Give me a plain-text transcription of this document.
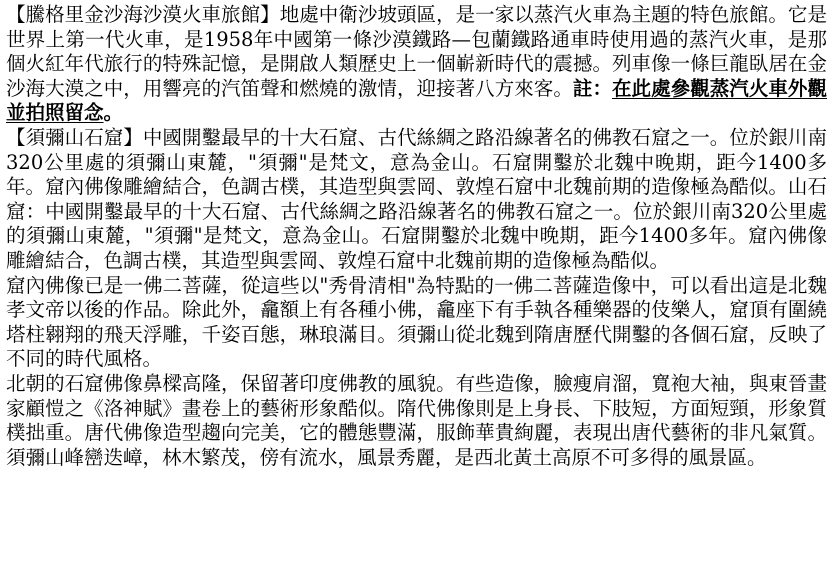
【騰格里金沙海沙漠火車旅館】地處中衛沙坡頭區，是一家以蒸汽火車為主題的特色旅館。它是世界上第一代火車，是1958年中國第一條沙漠鐵路—包蘭鐵路通車時使用過的蒸汽火車，是那個火紅年代旅行的特殊記憶，是開啟人類歷史上一個嶄新時代的震撼。列車像一條巨龍臥居在金沙海大漠之中，用響亮的汽笛聲和燃燒的激情，迎接著八方來客。註：在此處參觀蒸汽火車外觀並拍照留念。

【須彌山石窟】中國開鑿最早的十大石窟、古代絲綢之路沿線著名的佛教石窟之一。位於銀川南320公里處的須彌山東麓，"須彌"是梵文，意為金山。石窟開鑿於北魏中晚期，距今1400多年。窟內佛像雕繪結合，色調古樸，其造型與雲岡、敦煌石窟中北魏前期的造像極為酷似。山石窟：中國開鑿最早的十大石窟、古代絲綢之路沿線著名的佛教石窟之一。位於銀川南320公里處的須彌山東麓，"須彌"是梵文，意為金山。石窟開鑿於北魏中晚期，距今1400多年。窟內佛像雕繪結合，色調古樸，其造型與雲岡、敦煌石窟中北魏前期的造像極為酷似。

窟內佛像已是一佛二菩薩，從這些以"秀骨清相"為特點的一佛二菩薩造像中，可以看出這是北魏孝文帝以後的作品。除此外，龕額上有各種小佛，龕座下有手執各種樂器的伎樂人，窟頂有圍繞塔柱翱翔的飛天浮雕，千姿百態，琳琅滿目。須彌山從北魏到隋唐歷代開鑿的各個石窟，反映了不同的時代風格。

北朝的石窟佛像鼻樑高隆，保留著印度佛教的風貌。有些造像，臉瘦肩溜，寬袍大袖，與東晉畫家顧愷之《洛神賦》畫卷上的藝術形象酷似。隋代佛像則是上身長、下肢短，方面短頸，形象質樸拙重。唐代佛像造型趨向完美，它的體態豐滿，服飾華貴絢麗，表現出唐代藝術的非凡氣質。須彌山峰巒迭嶂，林木繁茂，傍有流水，風景秀麗，是西北黃土高原不可多得的風景區。
